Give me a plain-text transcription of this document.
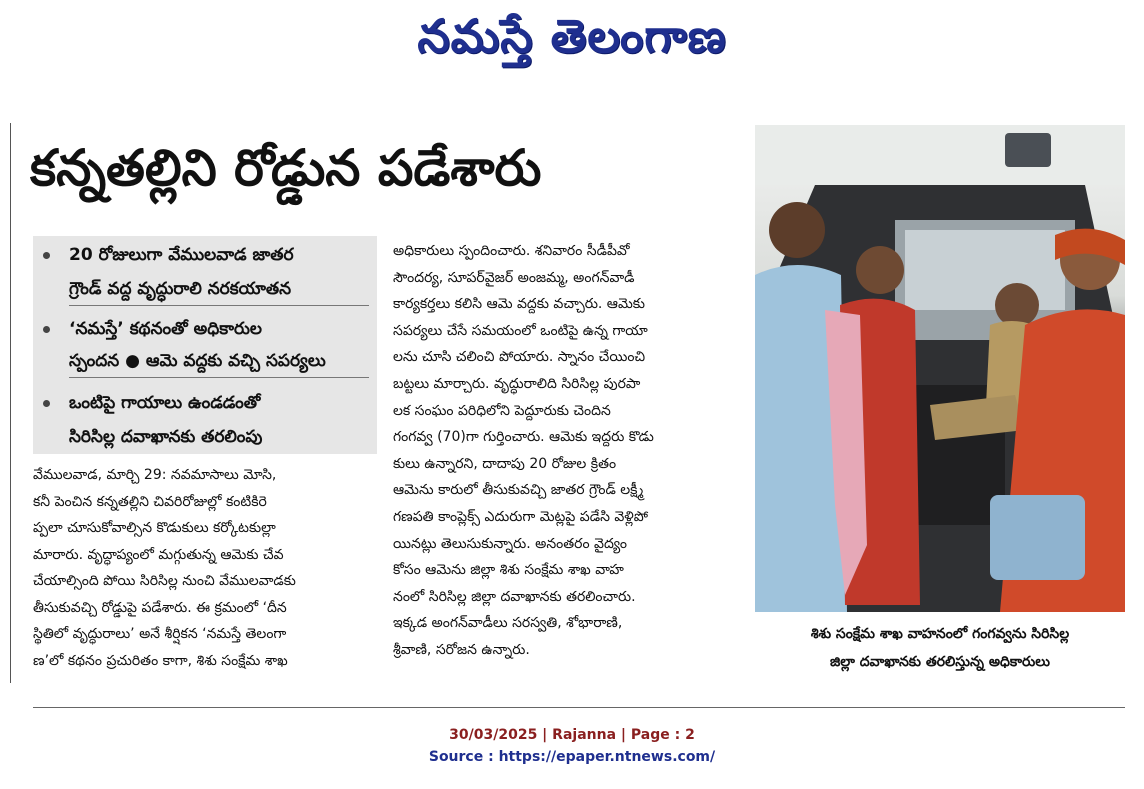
నమస్తే తెలంగాణ
కన్నతల్లిని రోడ్డున పడేశారు
20 రోజులుగా వేములవాడ జాతర
గ్రౌండ్ వద్ద వృద్ధురాలి నరకయాతన
‘నమస్తే’ కథనంతో అధికారుల
స్పందన ● ఆమె వద్దకు వచ్చి సపర్యలు
ఒంటిపై గాయాలు ఉండడంతో
సిరిసిల్ల దవాఖానకు తరలింపు
వేములవాడ, మార్చి 29: నవమాసాలు మోసి,
కనీ పెంచిన కన్నతల్లిని చివరిరోజుల్లో కంటికిరె
ప్పలా చూసుకోవాల్సిన కొడుకులు కర్కోటకుల్లా
మారారు. వృద్ధాప్యంలో మగ్గుతున్న ఆమెకు చేవ
చేయాల్సింది పోయి సిరిసిల్ల నుంచి వేములవాడకు
తీసుకువచ్చి రోడ్డుపై పడేశారు. ఈ క్రమంలో ‘దీన
స్థితిలో వృద్ధురాలు’ అనే శీర్షికన ‘నమస్తే తెలంగా
ణ’లో కథనం ప్రచురితం కాగా, శిశు సంక్షేమ శాఖ
అధికారులు స్పందించారు. శనివారం సీడీపీవో
సౌందర్య, సూపర్‌వైజర్ అంజమ్మ, అంగన్‌వాడీ
కార్యకర్తలు కలిసి ఆమె వద్దకు వచ్చారు. ఆమెకు
సపర్యలు చేసే సమయంలో ఒంటిపై ఉన్న గాయా
లను చూసి చలించి పోయారు. స్నానం చేయించి
బట్టలు మార్చారు. వృద్ధురాలిది సిరిసిల్ల పురపా
లక సంఘం పరిధిలోని పెద్దూరుకు చెందిన
గంగవ్వ (70)గా గుర్తించారు. ఆమెకు ఇద్దరు కొడు
కులు ఉన్నారని, దాదాపు 20 రోజుల క్రితం
ఆమెను కారులో తీసుకువచ్చి జాతర గ్రౌండ్ లక్ష్మీ
గణపతి కాంప్లెక్స్ ఎదురుగా మెట్లపై పడేసి వెళ్లిపో
యినట్లు తెలుసుకున్నారు. అనంతరం వైద్యం
కోసం ఆమెను జిల్లా శిశు సంక్షేమ శాఖ వాహ
నంలో సిరిసిల్ల జిల్లా దవాఖానకు తరలించారు.
ఇక్కడ అంగన్‌వాడీలు సరస్వతి, శోభారాణి,
శ్రీవాణి, సరోజన ఉన్నారు.
శిశు సంక్షేమ శాఖ వాహనంలో గంగవ్వను సిరిసిల్ల
జిల్లా దవాఖానకు తరలిస్తున్న అధికారులు
30/03/2025 | Rajanna | Page : 2
Source : https://epaper.ntnews.com/
